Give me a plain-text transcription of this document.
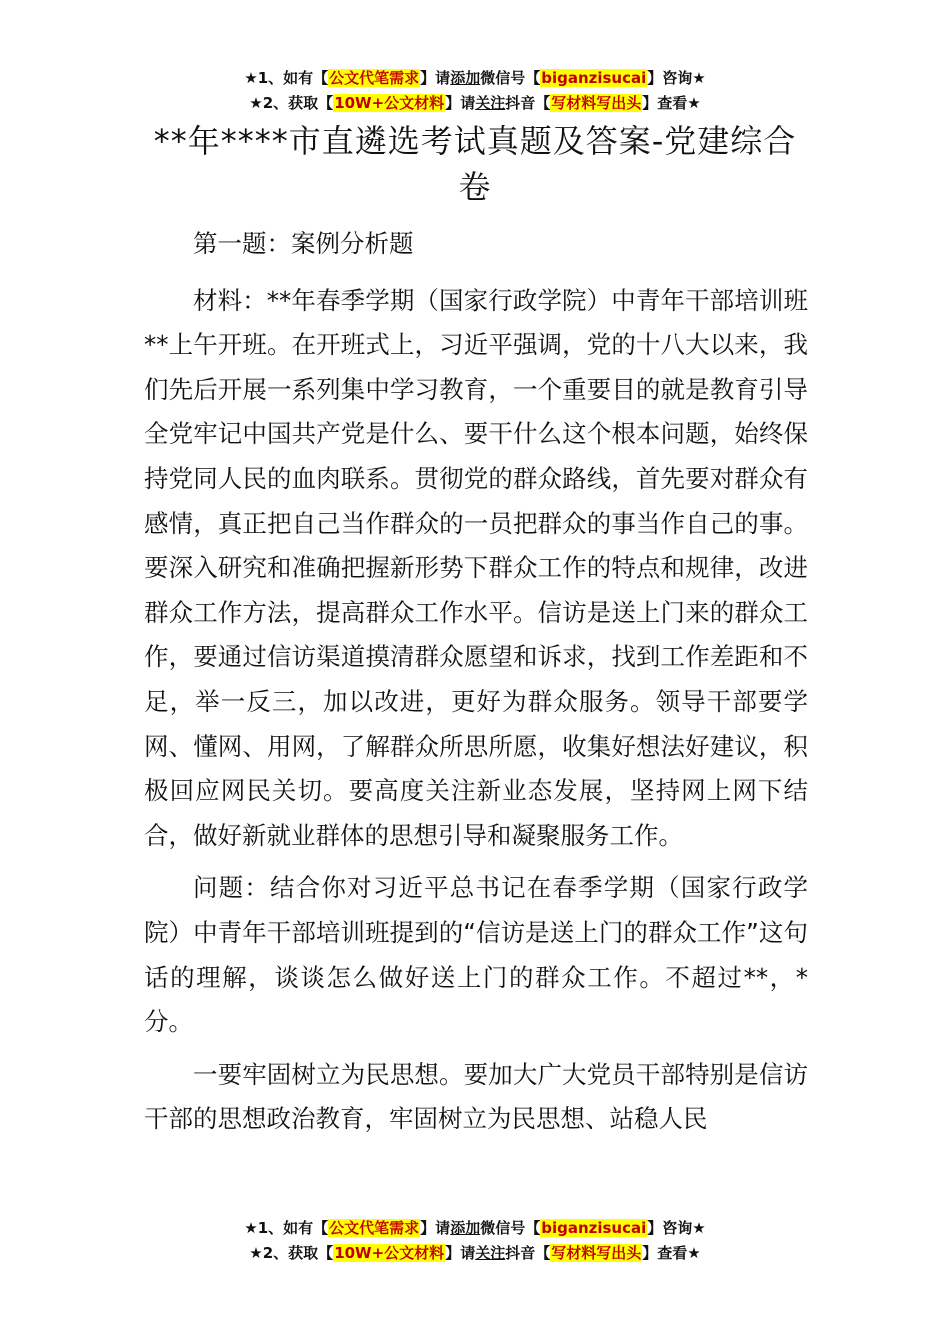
★1、如有【公文代笔需求】请添加微信号【biganzisucai】咨询★
★2、获取【10W+公文材料】请关注抖音【写材料写出头】查看★
**年****市直遴选考试真题及答案-党建综合卷

第一题：案例分析题

材料：**年春季学期（国家行政学院）中青年干部培训班**上午开班。在开班式上，习近平强调，党的十八大以来，我们先后开展一系列集中学习教育，一个重要目的就是教育引导全党牢记中国共产党是什么、要干什么这个根本问题，始终保持党同人民的血肉联系。贯彻党的群众路线，首先要对群众有感情，真正把自己当作群众的一员把群众的事当作自己的事。要深入研究和准确把握新形势下群众工作的特点和规律，改进群众工作方法，提高群众工作水平。信访是送上门来的群众工作，要通过信访渠道摸清群众愿望和诉求，找到工作差距和不足，举一反三，加以改进，更好为群众服务。领导干部要学网、懂网、用网，了解群众所思所愿，收集好想法好建议，积极回应网民关切。要高度关注新业态发展，坚持网上网下结合，做好新就业群体的思想引导和凝聚服务工作。

问题：结合你对习近平总书记在春季学期（国家行政学院）中青年干部培训班提到的“信访是送上门的群众工作”这句话的理解，谈谈怎么做好送上门的群众工作。不超过**，*分。

一要牢固树立为民思想。要加大广大党员干部特别是信访干部的思想政治教育，牢固树立为民思想、站稳人民

★1、如有【公文代笔需求】请添加微信号【biganzisucai】咨询★
★2、获取【10W+公文材料】请关注抖音【写材料写出头】查看★
